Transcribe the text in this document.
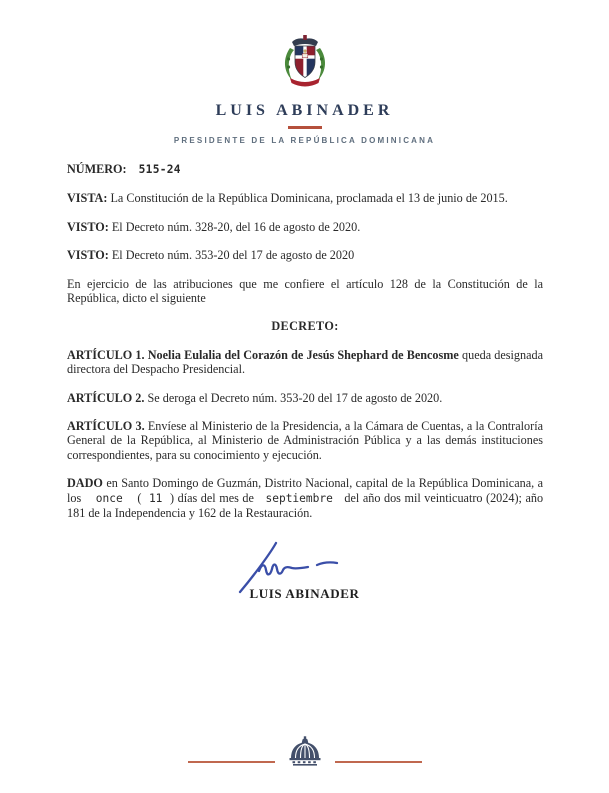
LUIS ABINADER
PRESIDENTE DE LA REPÚBLICA DOMINICANA

NÚMERO: 515-24

VISTA: La Constitución de la República Dominicana, proclamada el 13 de junio de 2015.

VISTO: El Decreto núm. 328-20, del 16 de agosto de 2020.

VISTO: El Decreto núm. 353-20 del 17 de agosto de 2020

En ejercicio de las atribuciones que me confiere el artículo 128 de la Constitución de la República, dicto el siguiente

DECRETO:

ARTÍCULO 1. Noelia Eulalia del Corazón de Jesús Shephard de Bencosme queda designada directora del Despacho Presidencial.

ARTÍCULO 2. Se deroga el Decreto núm. 353-20 del 17 de agosto de 2020.

ARTÍCULO 3. Envíese al Ministerio de la Presidencia, a la Cámara de Cuentas, a la Contraloría General de la República, al Ministerio de Administración Pública y a las demás instituciones correspondientes, para su conocimiento y ejecución.

DADO en Santo Domingo de Guzmán, Distrito Nacional, capital de la República Dominicana, a los once ( 11 ) días del mes de septiembre del año dos mil veinticuatro (2024); año 181 de la Independencia y 162 de la Restauración.

LUIS ABINADER
